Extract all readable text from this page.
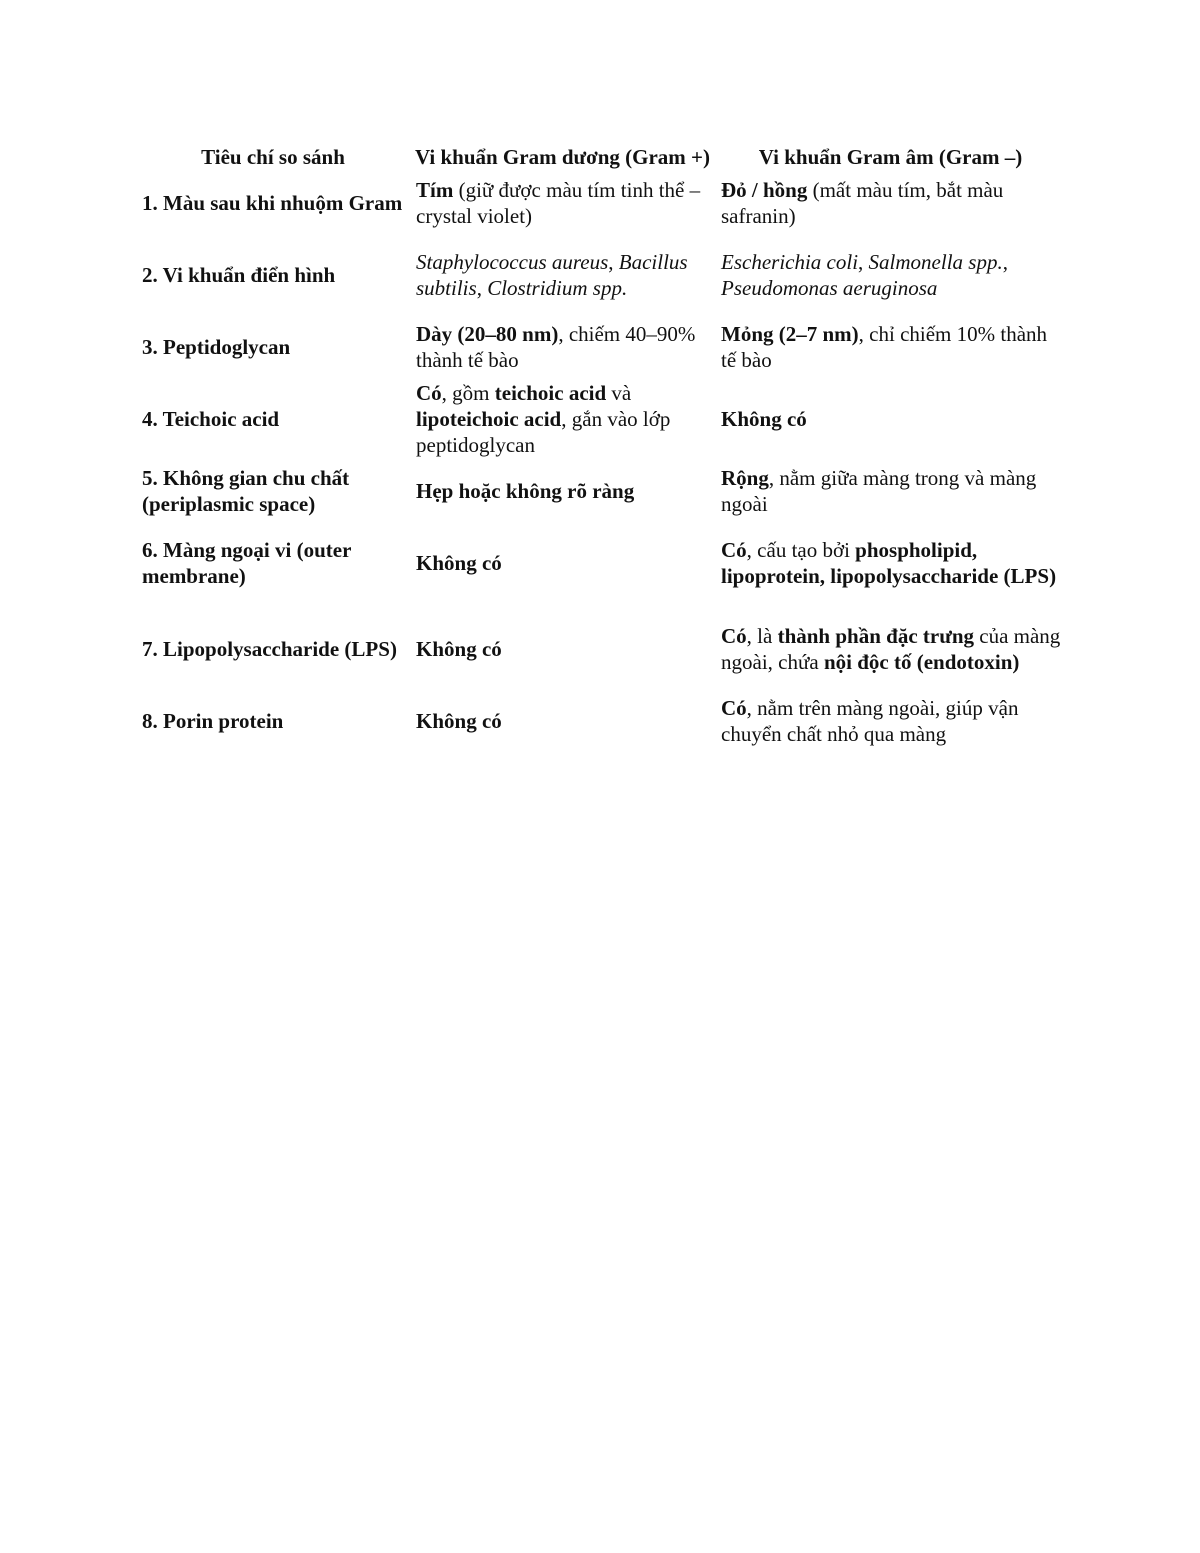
Tiêu chí so sánh	Vi khuẩn Gram dương (Gram +)	Vi khuẩn Gram âm (Gram –)
1. Màu sau khi nhuộm Gram	Tím (giữ được màu tím tinh thể – crystal violet)	Đỏ / hồng (mất màu tím, bắt màu safranin)
2. Vi khuẩn điển hình	Staphylococcus aureus, Bacillus subtilis, Clostridium spp.	Escherichia coli, Salmonella spp., Pseudomonas aeruginosa
3. Peptidoglycan	Dày (20–80 nm), chiếm 40–90% thành tế bào	Mỏng (2–7 nm), chỉ chiếm 10% thành tế bào
4. Teichoic acid	Có, gồm teichoic acid và lipoteichoic acid, gắn vào lớp peptidoglycan	Không có
5. Không gian chu chất (periplasmic space)	Hẹp hoặc không rõ ràng	Rộng, nằm giữa màng trong và màng ngoài
6. Màng ngoại vi (outer membrane)	Không có	Có, cấu tạo bởi phospholipid, lipoprotein, lipopolysaccharide (LPS)
7. Lipopolysaccharide (LPS)	Không có	Có, là thành phần đặc trưng của màng ngoài, chứa nội độc tố (endotoxin)
8. Porin protein	Không có	Có, nằm trên màng ngoài, giúp vận chuyển chất nhỏ qua màng
